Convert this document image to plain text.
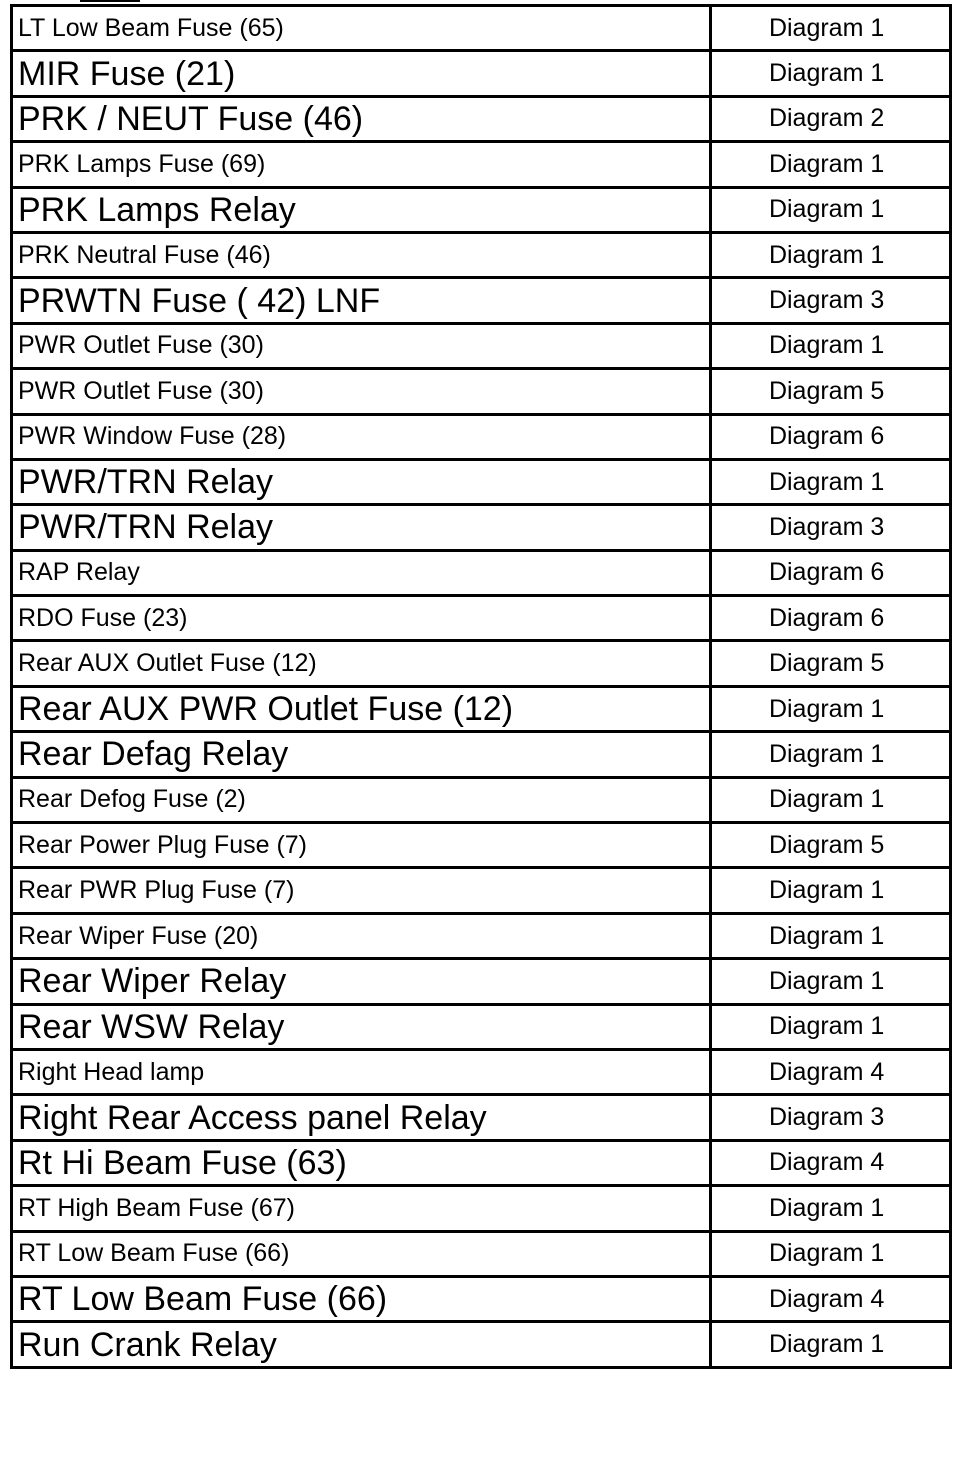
LT Low Beam Fuse (65)	Diagram 1
MIR Fuse (21)	Diagram 1
PRK / NEUT Fuse (46)	Diagram 2
PRK Lamps Fuse (69)	Diagram 1
PRK Lamps Relay	Diagram 1
PRK Neutral Fuse (46)	Diagram 1
PRWTN Fuse ( 42) LNF	Diagram 3
PWR Outlet Fuse (30)	Diagram 1
PWR Outlet Fuse (30)	Diagram 5
PWR Window Fuse (28)	Diagram 6
PWR/TRN Relay	Diagram 1
PWR/TRN Relay	Diagram 3
RAP Relay	Diagram 6
RDO Fuse (23)	Diagram 6
Rear AUX Outlet Fuse (12)	Diagram 5
Rear AUX PWR Outlet Fuse (12)	Diagram 1
Rear Defag Relay	Diagram 1
Rear Defog Fuse (2)	Diagram 1
Rear Power Plug Fuse (7)	Diagram 5
Rear PWR Plug Fuse (7)	Diagram 1
Rear Wiper Fuse (20)	Diagram 1
Rear Wiper Relay	Diagram 1
Rear WSW Relay	Diagram 1
Right Head lamp	Diagram 4
Right Rear Access panel Relay	Diagram 3
Rt Hi Beam Fuse (63)	Diagram 4
RT High Beam Fuse (67)	Diagram 1
RT Low Beam Fuse (66)	Diagram 1
RT Low Beam Fuse (66)	Diagram 4
Run Crank Relay	Diagram 1
